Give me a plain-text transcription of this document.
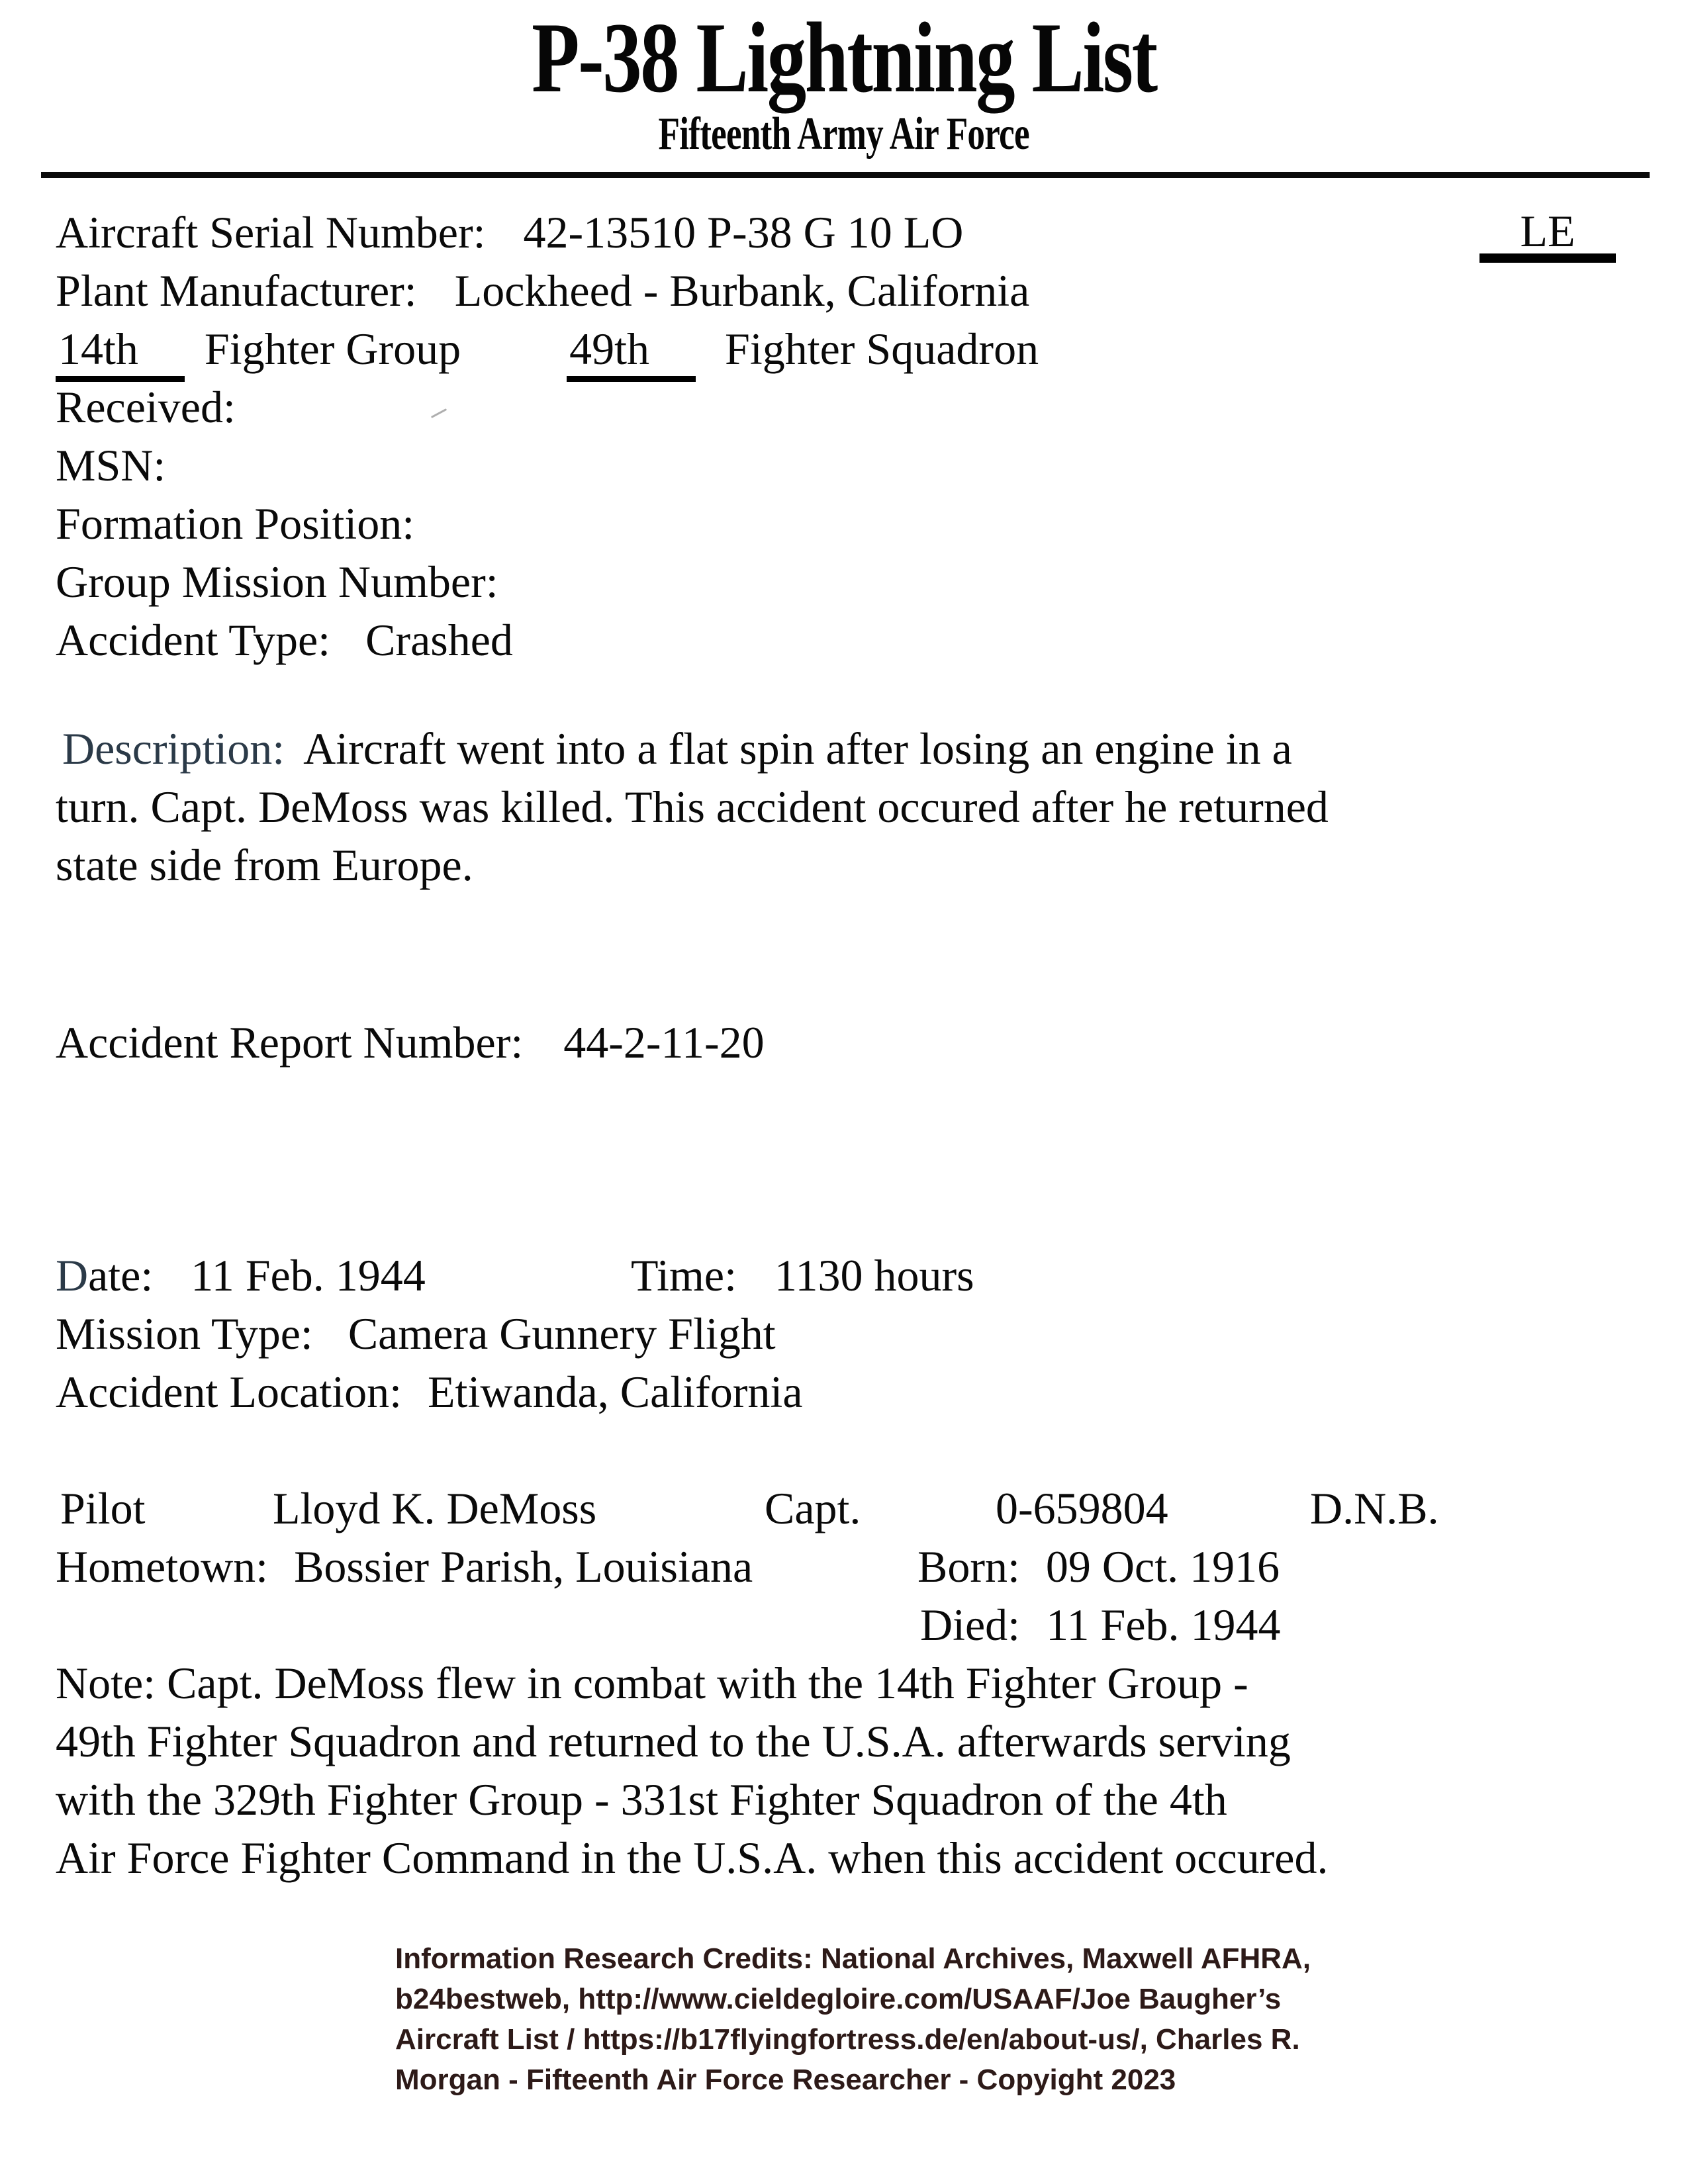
P-38 Lightning List
Fifteenth Army Air Force
Aircraft Serial Number: 42-13510 P-38 G 10 LO	LE
Plant Manufacturer: Lockheed - Burbank, California
14th Fighter Group 49th Fighter Squadron
Received:
MSN:
Formation Position:
Group Mission Number:
Accident Type: Crashed
Description: Aircraft went into a flat spin after losing an engine in a
turn. Capt. DeMoss was killed. This accident occured after he returned
state side from Europe.
Accident Report Number: 44-2-11-20
Date: 11 Feb. 1944	Time: 1130 hours
Mission Type: Camera Gunnery Flight
Accident Location: Etiwanda, California
Pilot	Lloyd K. DeMoss	Capt.	0-659804	D.N.B.
Hometown: Bossier Parish, Louisiana	Born: 09 Oct. 1916
Died: 11 Feb. 1944
Note: Capt. DeMoss flew in combat with the 14th Fighter Group -
49th Fighter Squadron and returned to the U.S.A. afterwards serving
with the 329th Fighter Group - 331st Fighter Squadron of the 4th
Air Force Fighter Command in the U.S.A. when this accident occured.
Information Research Credits: National Archives, Maxwell AFHRA,
b24bestweb, http://www.cieldegloire.com/USAAF/Joe Baugher’s
Aircraft List / https://b17flyingfortress.de/en/about-us/, Charles R.
Morgan - Fifteenth Air Force Researcher - Copyight 2023
